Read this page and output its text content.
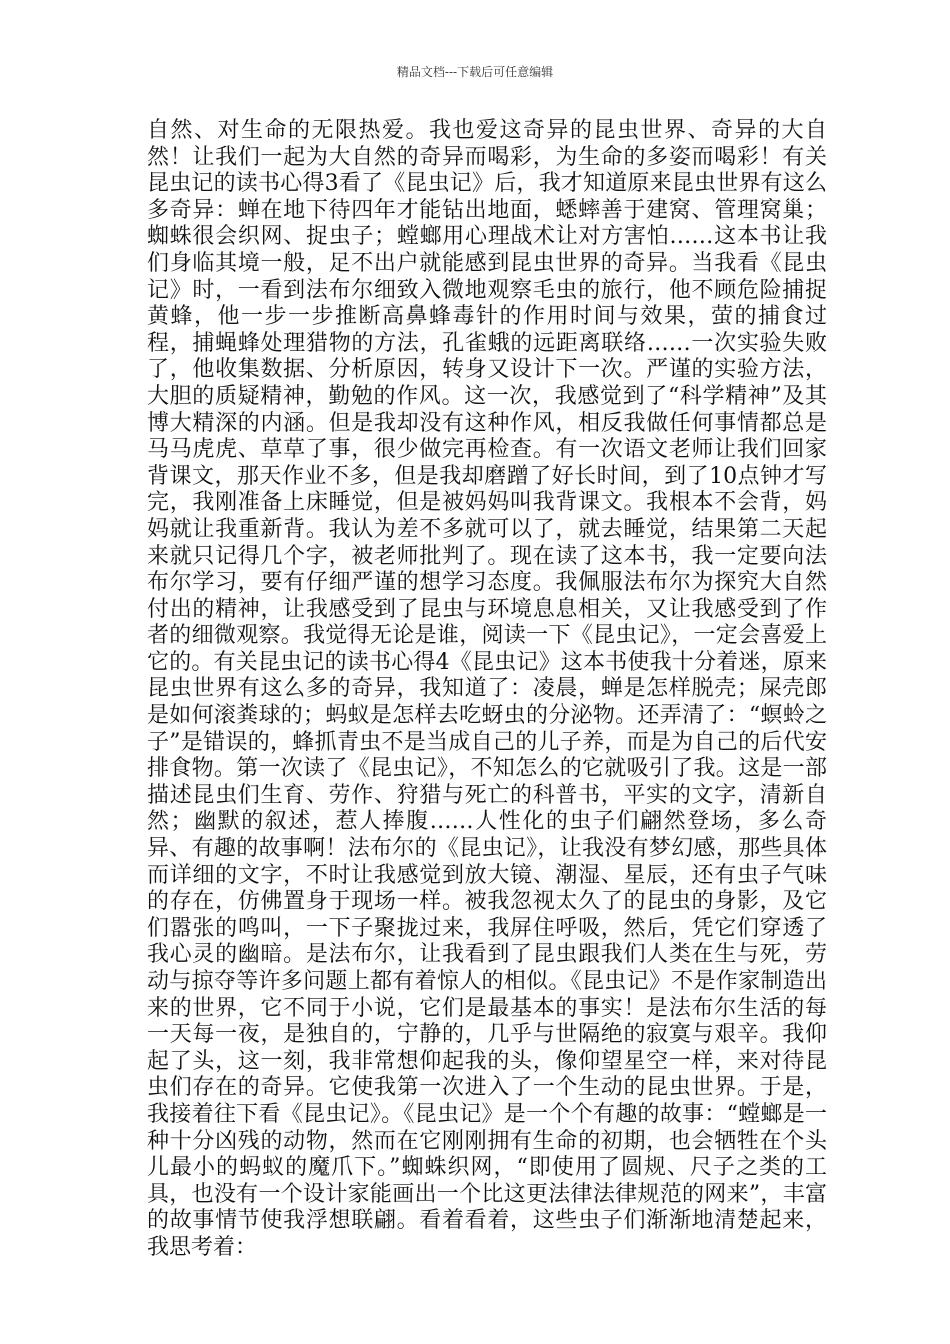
精品文档---下载后可任意编辑
自然、对生命的无限热爱。我也爱这奇异的昆虫世界、奇异的大自然！让我们一起为大自然的奇异而喝彩，为生命的多姿而喝彩！有关昆虫记的读书心得3看了《昆虫记》后，我才知道原来昆虫世界有这么多奇异：蝉在地下待四年才能钻出地面，蟋蟀善于建窝、管理窝巢；蜘蛛很会织网、捉虫子；螳螂用心理战术让对方害怕……这本书让我们身临其境一般，足不出户就能感到昆虫世界的奇异。当我看《昆虫记》时，一看到法布尔细致入微地观察毛虫的旅行，他不顾危险捕捉黄蜂，他一步一步推断高鼻蜂毒针的作用时间与效果，萤的捕食过程，捕蝇蜂处理猎物的方法，孔雀蛾的远距离联络……一次实验失败了，他收集数据、分析原因，转身又设计下一次。严谨的实验方法，大胆的质疑精神，勤勉的作风。这一次，我感觉到了“科学精神”及其博大精深的内涵。但是我却没有这种作风，相反我做任何事情都总是马马虎虎、草草了事，很少做完再检查。有一次语文老师让我们回家背课文，那天作业不多，但是我却磨蹭了好长时间，到了10点钟才写完，我刚准备上床睡觉，但是被妈妈叫我背课文。我根本不会背，妈妈就让我重新背。我认为差不多就可以了，就去睡觉，结果第二天起来就只记得几个字，被老师批判了。现在读了这本书，我一定要向法布尔学习，要有仔细严谨的想学习态度。我佩服法布尔为探究大自然付出的精神，让我感受到了昆虫与环境息息相关，又让我感受到了作者的细微观察。我觉得无论是谁，阅读一下《昆虫记》，一定会喜爱上它的。有关昆虫记的读书心得4《昆虫记》这本书使我十分着迷，原来昆虫世界有这么多的奇异，我知道了：凌晨，蝉是怎样脱壳；屎壳郎是如何滚粪球的；蚂蚁是怎样去吃蚜虫的分泌物。还弄清了：“螟蛉之子”是错误的，蜂抓青虫不是当成自己的儿子养，而是为自己的后代安排食物。第一次读了《昆虫记》，不知怎么的它就吸引了我。这是一部描述昆虫们生育、劳作、狩猎与死亡的科普书，平实的文字，清新自然；幽默的叙述，惹人捧腹……人性化的虫子们翩然登场，多么奇异、有趣的故事啊！法布尔的《昆虫记》，让我没有梦幻感，那些具体而详细的文字，不时让我感觉到放大镜、潮湿、星辰，还有虫子气味的存在，仿佛置身于现场一样。被我忽视太久了的昆虫的身影，及它们嚣张的鸣叫，一下子聚拢过来，我屏住呼吸，然后，凭它们穿透了我心灵的幽暗。是法布尔，让我看到了昆虫跟我们人类在生与死，劳动与掠夺等许多问题上都有着惊人的相似。《昆虫记》不是作家制造出来的世界，它不同于小说，它们是最基本的事实！是法布尔生活的每一天每一夜，是独自的，宁静的，几乎与世隔绝的寂寞与艰辛。我仰起了头，这一刻，我非常想仰起我的头，像仰望星空一样，来对待昆虫们存在的奇异。它使我第一次进入了一个生动的昆虫世界。于是，我接着往下看《昆虫记》。《昆虫记》是一个个有趣的故事：“螳螂是一种十分凶残的动物，然而在它刚刚拥有生命的初期，也会牺牲在个头儿最小的蚂蚁的魔爪下。”蜘蛛织网，“即使用了圆规、尺子之类的工具，也没有一个设计家能画出一个比这更法律法律规范的网来”，丰富的故事情节使我浮想联翩。看着看着，这些虫子们渐渐地清楚起来，我思考着：
